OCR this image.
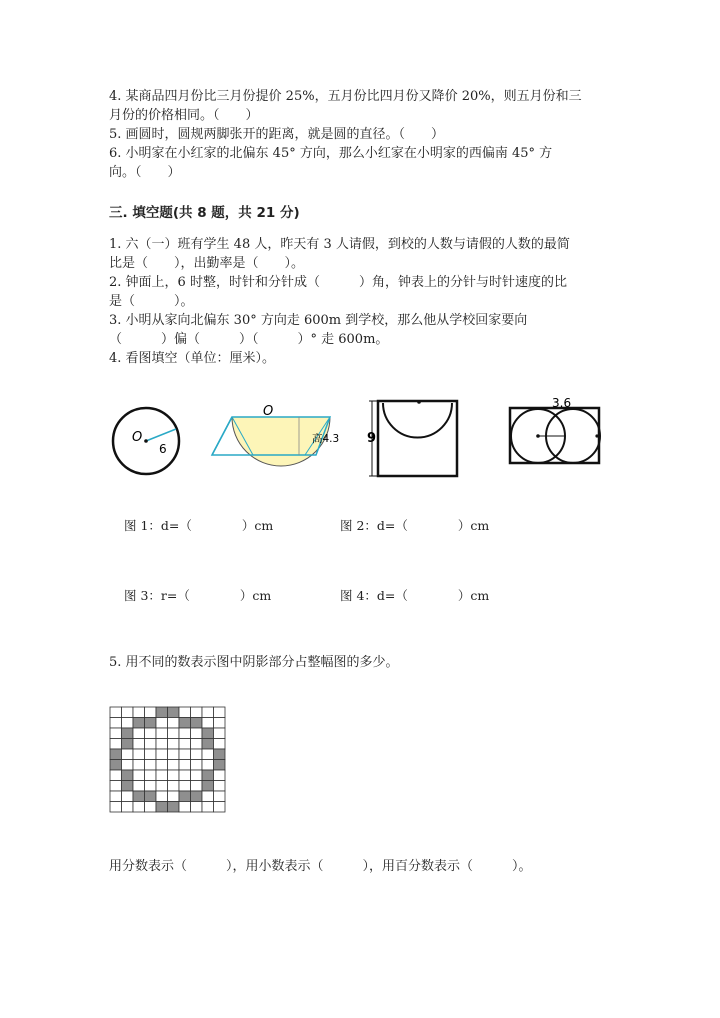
4. 某商品四月份比三月份提价 25%，五月份比四月份又降价 20%，则五月份和三
月份的价格相同。（　　）
5. 画圆时，圆规两脚张开的距离，就是圆的直径。（　　）
6. 小明家在小红家的北偏东 45° 方向，那么小红家在小明家的西偏南 45° 方
向。（　　）
三. 填空题(共 8 题，共 21 分)
1. 六（一）班有学生 48 人，昨天有 3 人请假，到校的人数与请假的人数的最简
比是（　　），出勤率是（　　）。
2. 钟面上，6 时整，时针和分针成（　　　）角，钟表上的分针与时针速度的比
是（　　　）。
3. 小明从家向北偏东 30° 方向走 600m 到学校，那么他从学校回家要向
（　　　）偏（　　　）（　　　）° 走 600m。
4. 看图填空（单位：厘米）。
O
6
O
高4.3 9
3.6
图 1：d=（　　　　）cm	图 2：d=（　　　　）cm
图 3：r=（　　　　）cm	图 4：d=（　　　　）cm
5. 用不同的数表示图中阴影部分占整幅图的多少。
用分数表示（　　　），用小数表示（　　　），用百分数表示（　　　）。
